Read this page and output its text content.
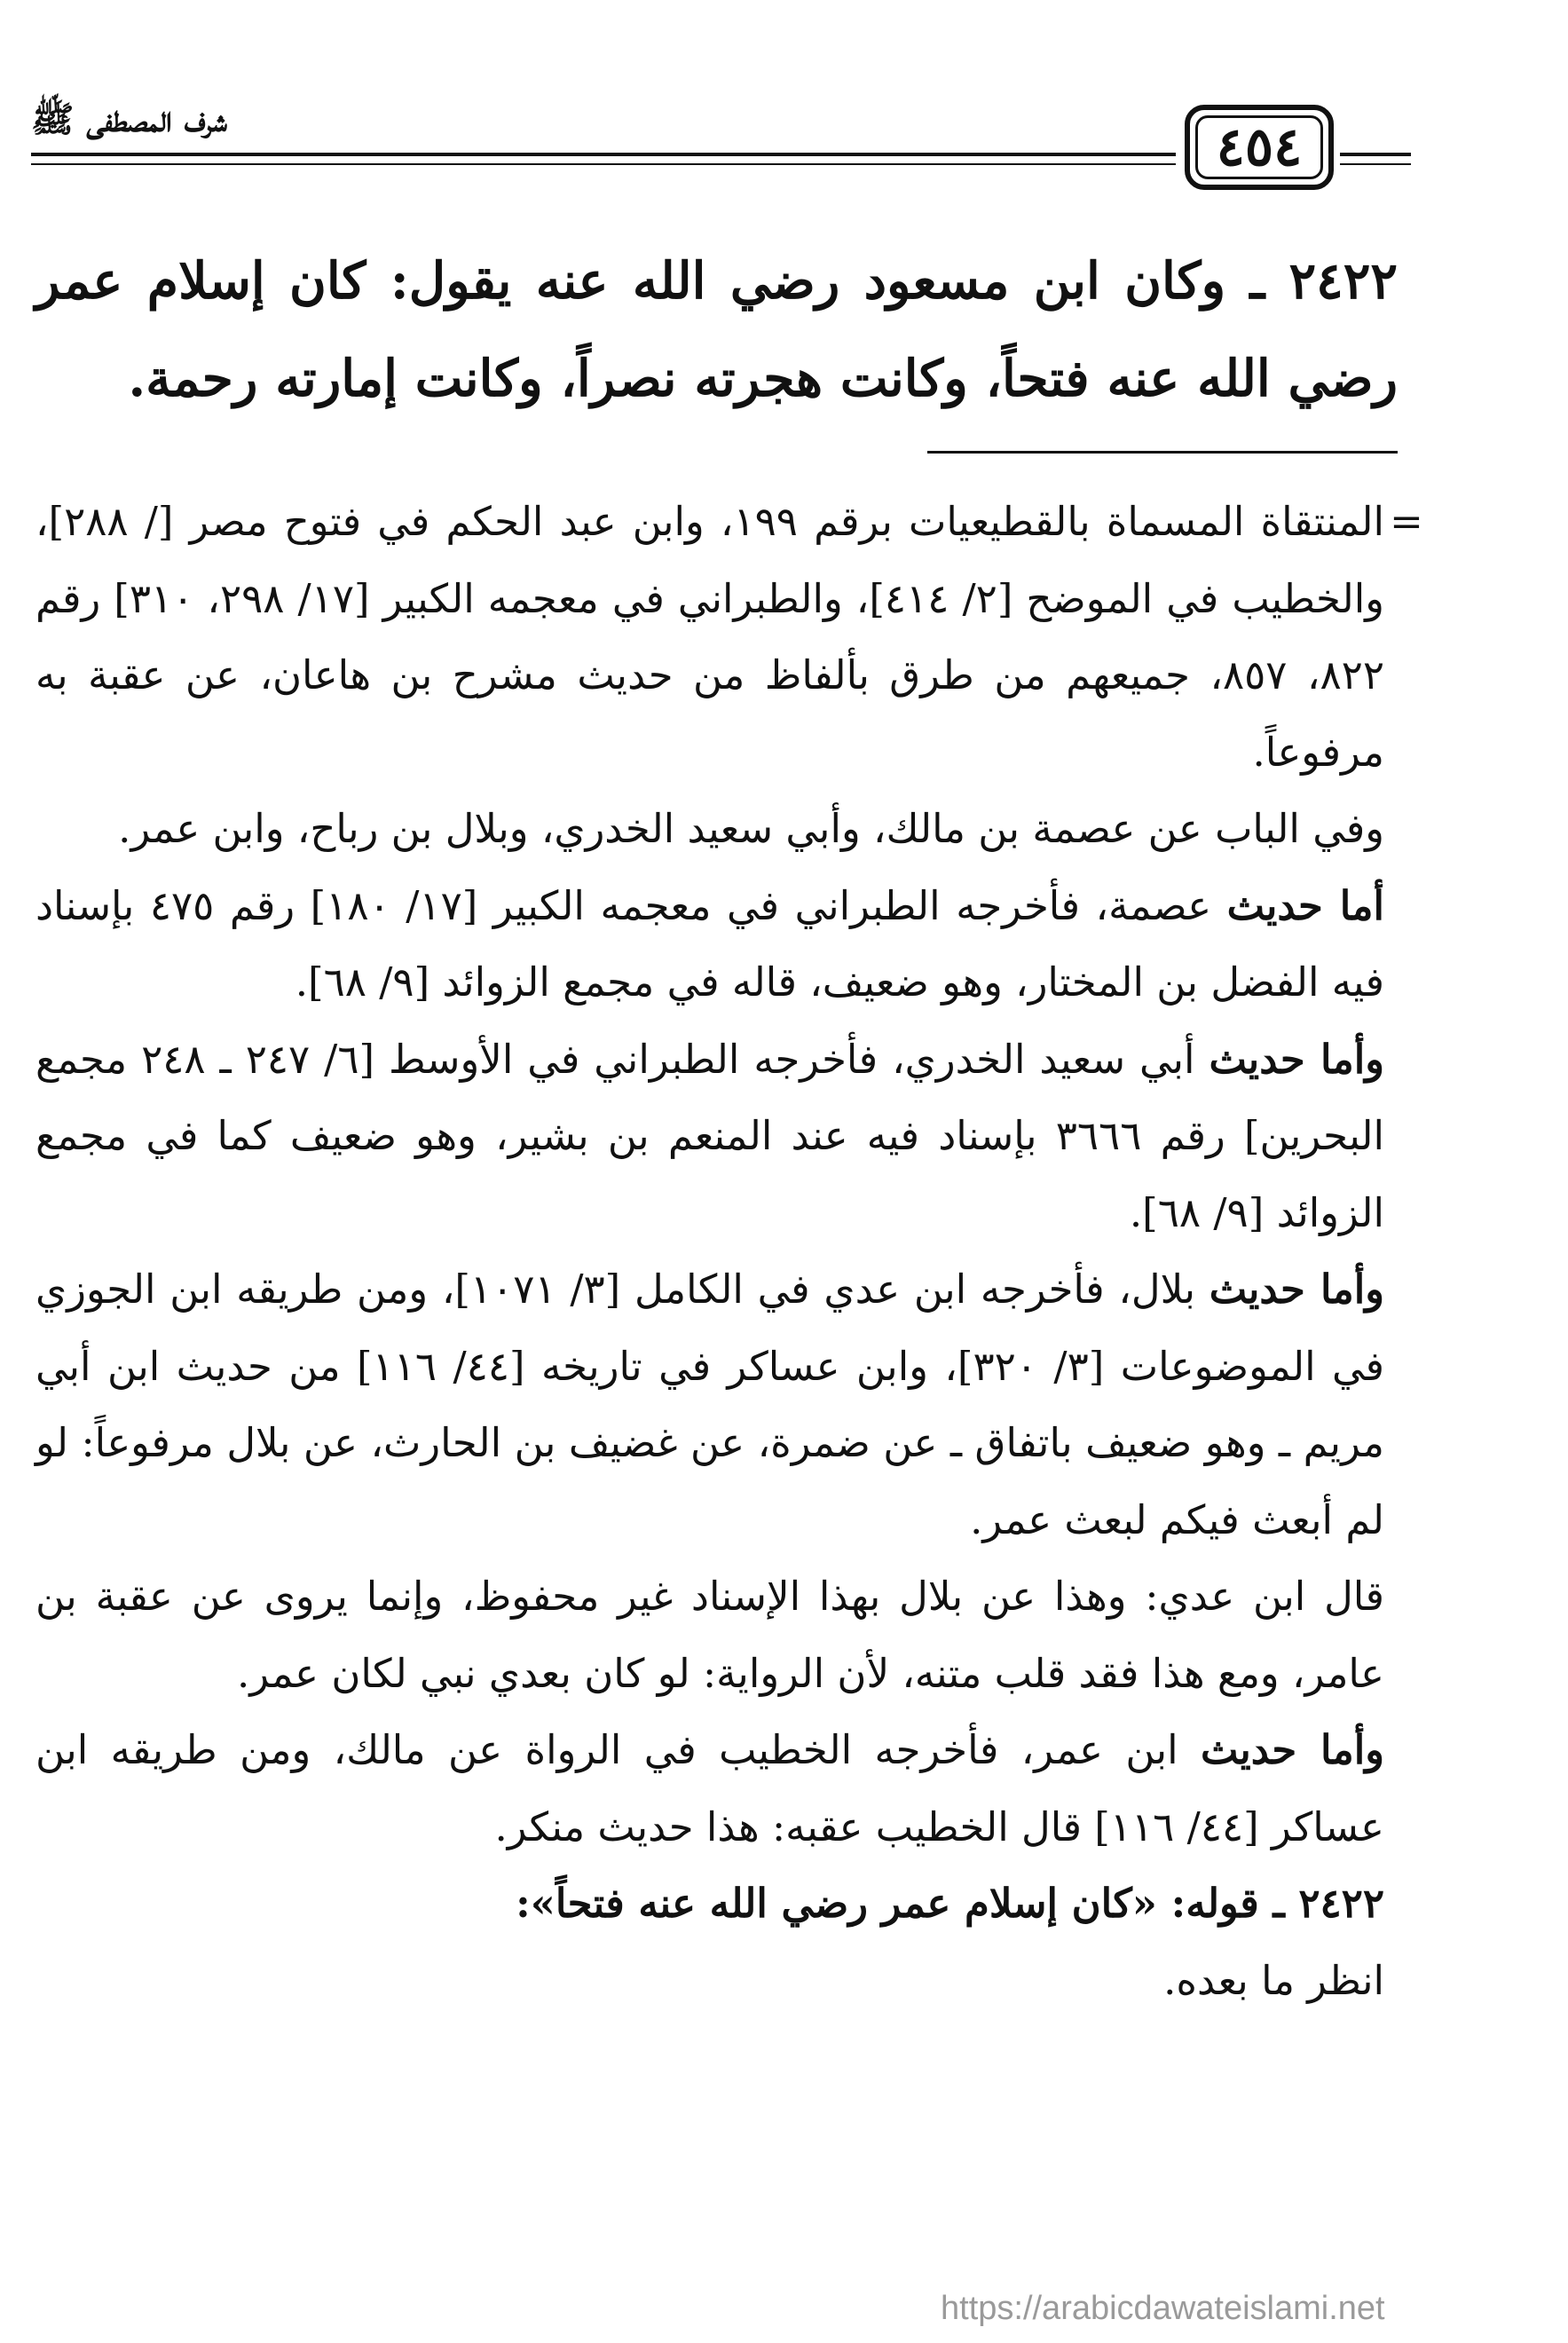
شرف المصطفى ﷺ	٤٥٤
٢٤٢٢ ـ وكان ابن مسعود رضي الله عنه يقول: كان إسلام عمر رضي الله عنه فتحاً، وكانت هجرته نصراً، وكانت إمارته رحمة.
=

المنتقاة المسماة بالقطيعيات برقم ١٩٩، وابن عبد الحكم في فتوح مصر [/ ٢٨٨]، والخطيب في الموضح [٢/ ٤١٤]، والطبراني في معجمه الكبير [١٧/ ٢٩٨، ٣١٠] رقم ٨٢٢، ٨٥٧، جميعهم من طرق بألفاظ من حديث مشرح بن هاعان، عن عقبة به مرفوعاً.

وفي الباب عن عصمة بن مالك، وأبي سعيد الخدري، وبلال بن رباح، وابن عمر.

أما حديث عصمة، فأخرجه الطبراني في معجمه الكبير [١٧/ ١٨٠] رقم ٤٧٥ بإسناد فيه الفضل بن المختار، وهو ضعيف، قاله في مجمع الزوائد [٩/ ٦٨].

وأما حديث أبي سعيد الخدري، فأخرجه الطبراني في الأوسط [٦/ ٢٤٧ ـ ٢٤٨ مجمع البحرين] رقم ٣٦٦٦ بإسناد فيه عند المنعم بن بشير، وهو ضعيف كما في مجمع الزوائد [٩/ ٦٨].

وأما حديث بلال، فأخرجه ابن عدي في الكامل [٣/ ١٠٧١]، ومن طريقه ابن الجوزي في الموضوعات [٣/ ٣٢٠]، وابن عساكر في تاريخه [٤٤/ ١١٦] من حديث ابن أبي مريم ـ وهو ضعيف باتفاق ـ عن ضمرة، عن غضيف بن الحارث، عن بلال مرفوعاً: لو لم أبعث فيكم لبعث عمر.

قال ابن عدي: وهذا عن بلال بهذا الإسناد غير محفوظ، وإنما يروى عن عقبة بن عامر، ومع هذا فقد قلب متنه، لأن الرواية: لو كان بعدي نبي لكان عمر.

وأما حديث ابن عمر، فأخرجه الخطيب في الرواة عن مالك، ومن طريقه ابن عساكر [٤٤/ ١١٦] قال الخطيب عقبه: هذا حديث منكر.

٢٤٢٢ ـ قوله: «كان إسلام عمر رضي الله عنه فتحاً»:

انظر ما بعده.

https://arabicdawateislami.net
